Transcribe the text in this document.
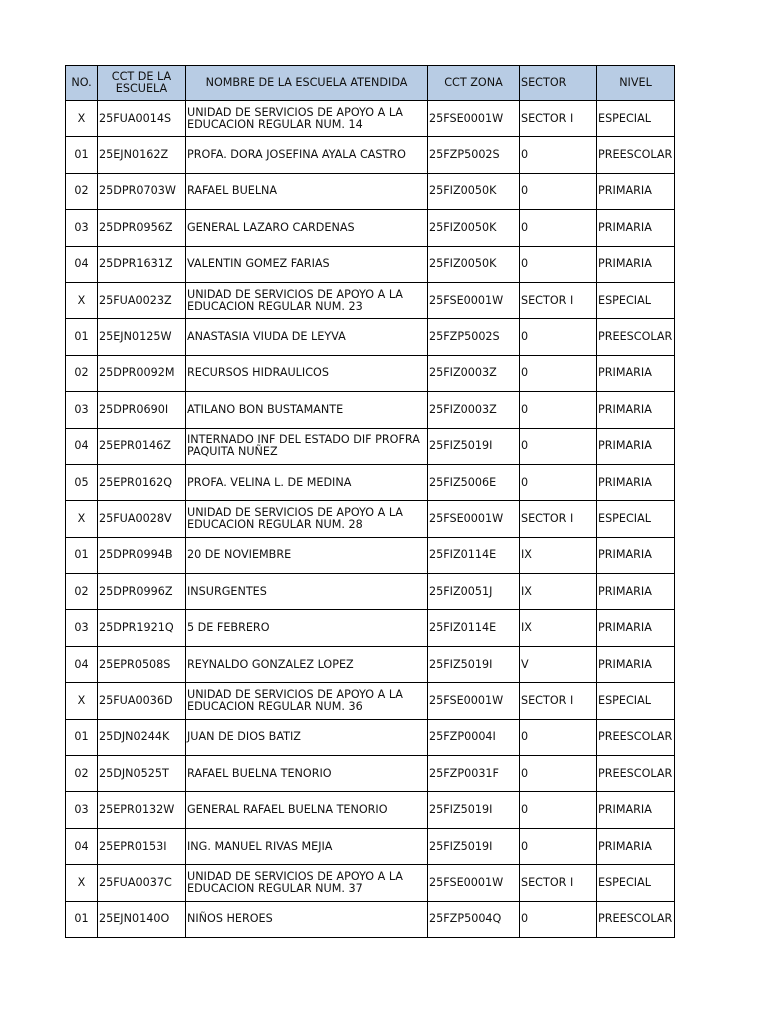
NO.	CCT DE LA ESCUELA	NOMBRE DE LA ESCUELA ATENDIDA	CCT ZONA	SECTOR	NIVEL
X	25FUA0014S	UNIDAD DE SERVICIOS DE APOYO A LA EDUCACION REGULAR NUM. 14	25FSE0001W	SECTOR I	ESPECIAL
01	25EJN0162Z	PROFA. DORA JOSEFINA AYALA CASTRO	25FZP5002S	0	PREESCOLAR
02	25DPR0703W	RAFAEL BUELNA	25FIZ0050K	0	PRIMARIA
03	25DPR0956Z	GENERAL LAZARO CARDENAS	25FIZ0050K	0	PRIMARIA
04	25DPR1631Z	VALENTIN GOMEZ FARIAS	25FIZ0050K	0	PRIMARIA
X	25FUA0023Z	UNIDAD DE SERVICIOS DE APOYO A LA EDUCACION REGULAR NUM. 23	25FSE0001W	SECTOR I	ESPECIAL
01	25EJN0125W	ANASTASIA VIUDA DE LEYVA	25FZP5002S	0	PREESCOLAR
02	25DPR0092M	RECURSOS HIDRAULICOS	25FIZ0003Z	0	PRIMARIA
03	25DPR0690I	ATILANO BON BUSTAMANTE	25FIZ0003Z	0	PRIMARIA
04	25EPR0146Z	INTERNADO INF DEL ESTADO DIF PROFRA PAQUITA NUÑEZ	25FIZ5019I	0	PRIMARIA
05	25EPR0162Q	PROFA. VELINA L. DE MEDINA	25FIZ5006E	0	PRIMARIA
X	25FUA0028V	UNIDAD DE SERVICIOS DE APOYO A LA EDUCACION REGULAR NUM. 28	25FSE0001W	SECTOR I	ESPECIAL
01	25DPR0994B	20 DE NOVIEMBRE	25FIZ0114E	IX	PRIMARIA
02	25DPR0996Z	INSURGENTES	25FIZ0051J	IX	PRIMARIA
03	25DPR1921Q	5 DE FEBRERO	25FIZ0114E	IX	PRIMARIA
04	25EPR0508S	REYNALDO GONZALEZ LOPEZ	25FIZ5019I	V	PRIMARIA
X	25FUA0036D	UNIDAD DE SERVICIOS DE APOYO A LA EDUCACION REGULAR NUM. 36	25FSE0001W	SECTOR I	ESPECIAL
01	25DJN0244K	JUAN DE DIOS BATIZ	25FZP0004I	0	PREESCOLAR
02	25DJN0525T	RAFAEL BUELNA TENORIO	25FZP0031F	0	PREESCOLAR
03	25EPR0132W	GENERAL RAFAEL BUELNA TENORIO	25FIZ5019I	0	PRIMARIA
04	25EPR0153I	ING. MANUEL RIVAS MEJIA	25FIZ5019I	0	PRIMARIA
X	25FUA0037C	UNIDAD DE SERVICIOS DE APOYO A LA EDUCACION REGULAR NUM. 37	25FSE0001W	SECTOR I	ESPECIAL
01	25EJN0140O	NIÑOS HEROES	25FZP5004Q	0	PREESCOLAR
